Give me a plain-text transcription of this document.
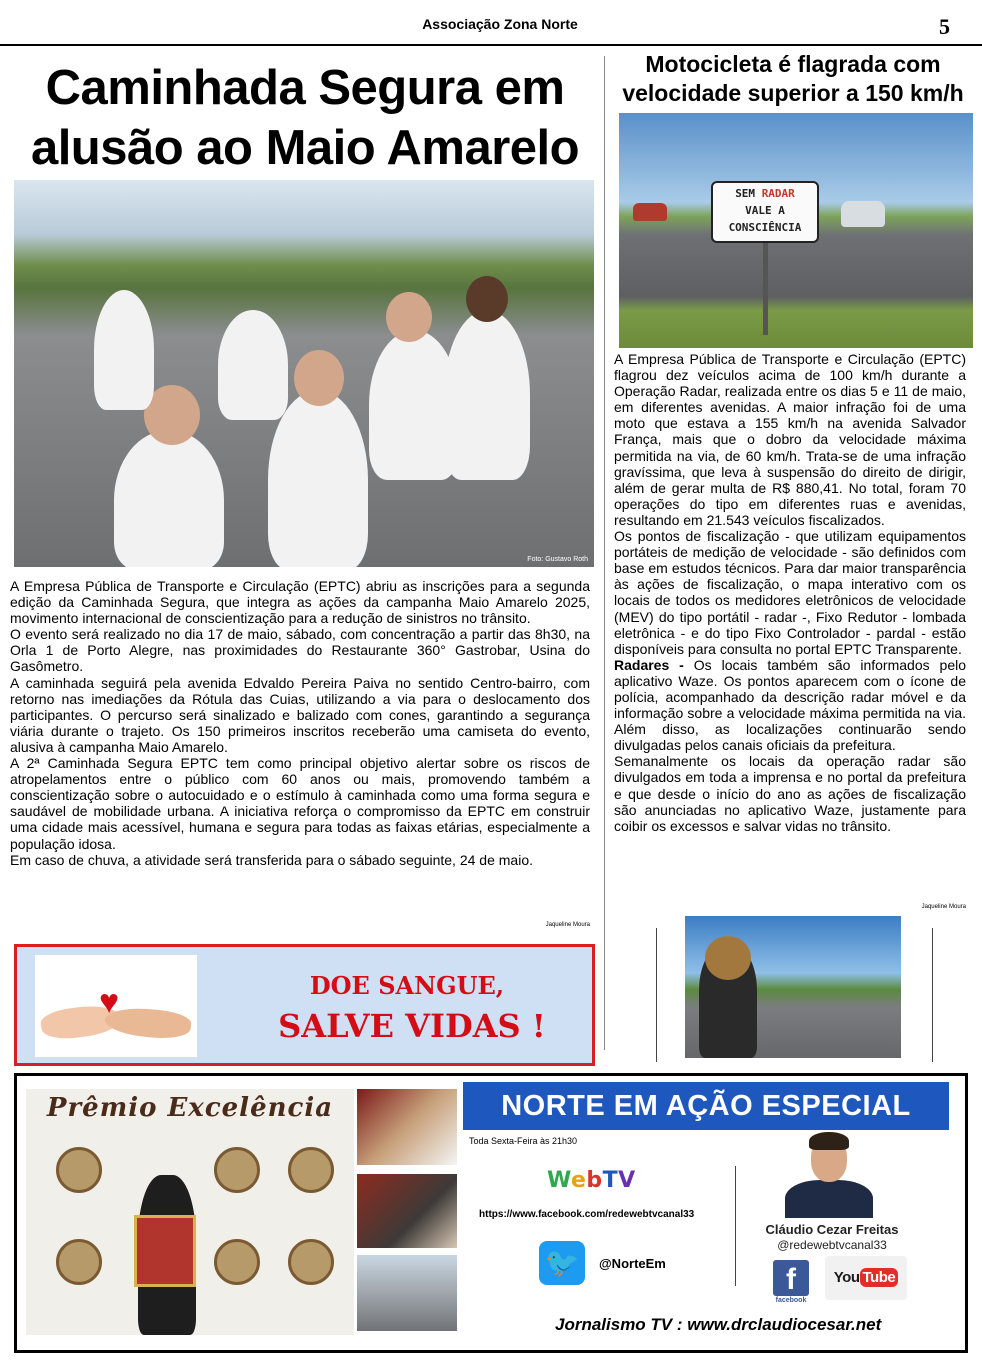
Associação Zona Norte	5
Caminhada Segura em alusão ao Maio Amarelo
Foto: Gustavo Roth

A Empresa Pública de Transporte e Circulação (EPTC) abriu as inscrições para a segunda edição da Caminhada Segura, que integra as ações da campanha Maio Amarelo 2025, movimento internacional de conscientização para a redução de sinistros no trânsito.

O evento será realizado no dia 17 de maio, sábado, com concentração a partir das 8h30, na Orla 1 de Porto Alegre, nas proximidades do Restaurante 360° Gastrobar, Usina do Gasômetro.

A caminhada seguirá pela avenida Edvaldo Pereira Paiva no sentido Centro-bairro, com retorno nas imediações da Rótula das Cuias, utilizando a via para o deslocamento dos participantes. O percurso será sinalizado e balizado com cones, garantindo a segurança viária durante o trajeto. Os 150 primeiros inscritos receberão uma camiseta do evento, alusiva à campanha Maio Amarelo.

A 2ª Caminhada Segura EPTC tem como principal objetivo alertar sobre os riscos de atropelamentos entre o público com 60 anos ou mais, promovendo também a conscientização sobre o autocuidado e o estímulo à caminhada como uma forma segura e saudável de mobilidade urbana. A iniciativa reforça o compromisso da EPTC em construir uma cidade mais acessível, humana e segura para todas as faixas etárias, especialmente a população idosa.

Em caso de chuva, a atividade será transferida para o sábado seguinte, 24 de maio.

Jaqueline Moura
♥	DOE SANGUE,
SALVE VIDAS !
Motocicleta é flagrada com velocidade superior a 150 km/h
SEM RADAR
VALE A
CONSCIÊNCIA

A Empresa Pública de Transporte e Circulação (EPTC) flagrou dez veículos acima de 100 km/h durante a Operação Radar, realizada entre os dias 5 e 11 de maio, em diferentes avenidas. A maior infração foi de uma moto que estava a 155 km/h na avenida Salvador França, mais que o dobro da velocidade máxima permitida na via, de 60 km/h. Trata-se de uma infração gravíssima, que leva à suspensão do direito de dirigir, além de gerar multa de R$ 880,41. No total, foram 70 operações do tipo em diferentes ruas e avenidas, resultando em 21.543 veículos fiscalizados.

Os pontos de fiscalização - que utilizam equipamentos portáteis de medição de velocidade - são definidos com base em estudos técnicos. Para dar maior transparência às ações de fiscalização, o mapa interativo com os locais de todos os medidores eletrônicos de velocidade (MEV) do tipo portátil - radar -, Fixo Redutor - lombada eletrônica - e do tipo Fixo Controlador - pardal - estão disponíveis para consulta no portal EPTC Transparente.

Radares - Os locais também são informados pelo aplicativo Waze. Os pontos aparecem com o ícone de polícia, acompanhado da descrição radar móvel e da informação sobre a velocidade máxima permitida na via. Além disso, as localizações continuarão sendo divulgadas pelos canais oficiais da prefeitura.

Semanalmente os locais da operação radar são divulgados em toda a imprensa e no portal da prefeitura e que desde o início do ano as ações de fiscalização são anunciadas no aplicativo Waze, justamente para coibir os excessos e salvar vidas no trânsito.

Jaqueline Moura
Prêmio Excelência	NORTE EM AÇÃO ESPECIAL
Toda Sexta-Feira às 21h30
WebTV
https://www.facebook.com/redewebtvcanal33
🐦	@NorteEm
Cláudio Cezar Freitas
@redewebtvcanal33
f
facebook
You Tube
Jornalismo TV : www.drclaudiocesar.net
